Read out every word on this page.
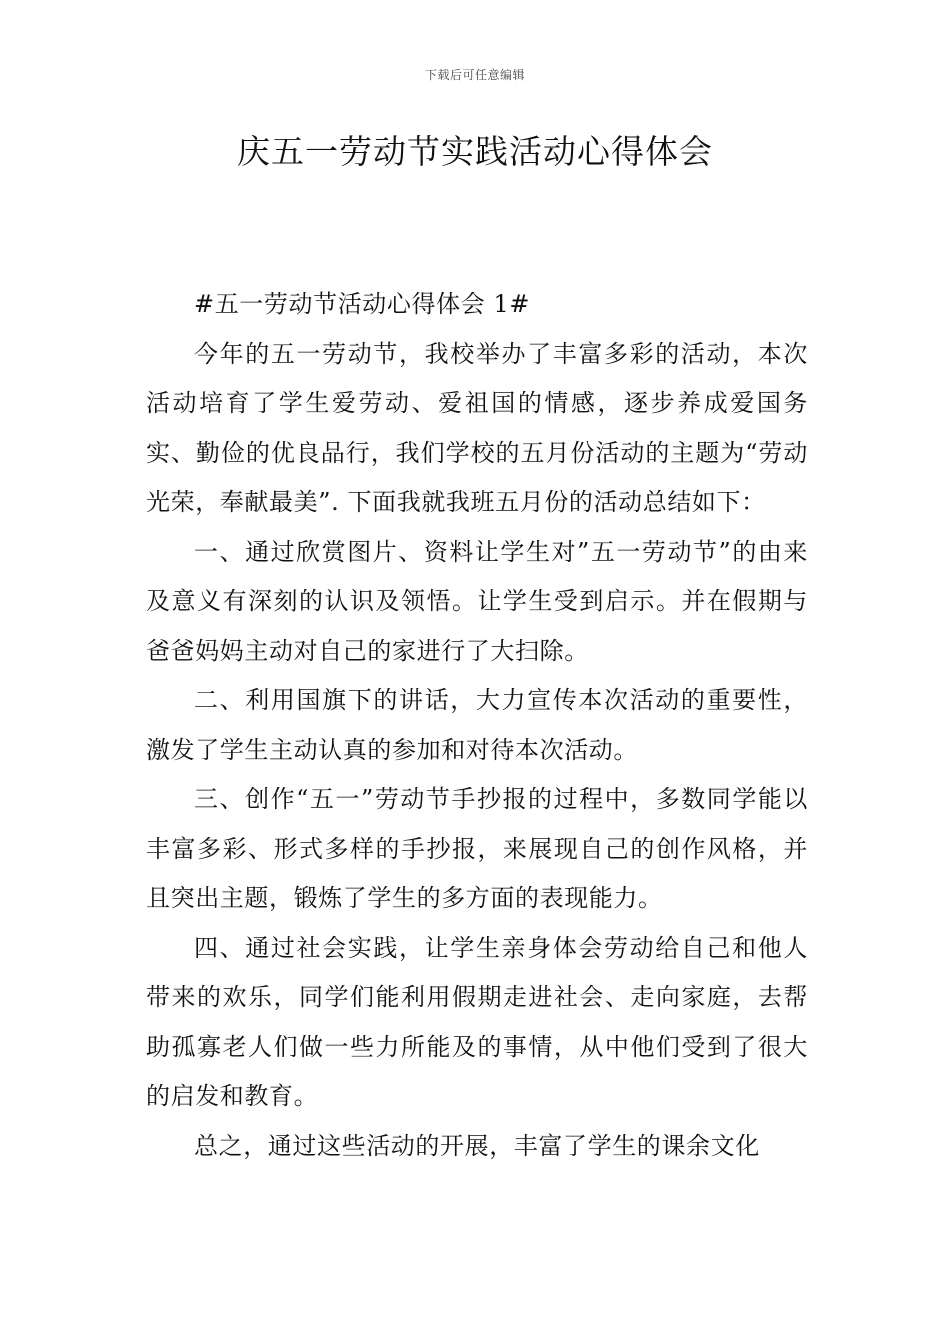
下载后可任意编辑
庆五一劳动节实践活动心得体会

#五一劳动节活动心得体会 1#

今年的五一劳动节，我校举办了丰富多彩的活动，本次活动培育了学生爱劳动、爱祖国的情感，逐步养成爱国务实、勤俭的优良品行，我们学校的五月份活动的主题为“劳动光荣，奉献最美”. 下面我就我班五月份的活动总结如下：

一、通过欣赏图片、资料让学生对”五一劳动节”的由来及意义有深刻的认识及领悟。让学生受到启示。并在假期与爸爸妈妈主动对自己的家进行了大扫除。

二、利用国旗下的讲话，大力宣传本次活动的重要性，激发了学生主动认真的参加和对待本次活动。

三、创作“五一”劳动节手抄报的过程中，多数同学能以丰富多彩、形式多样的手抄报，来展现自己的创作风格，并且突出主题，锻炼了学生的多方面的表现能力。

四、通过社会实践，让学生亲身体会劳动给自己和他人带来的欢乐，同学们能利用假期走进社会、走向家庭，去帮助孤寡老人们做一些力所能及的事情，从中他们受到了很大的启发和教育。

总之，通过这些活动的开展，丰富了学生的课余文化
